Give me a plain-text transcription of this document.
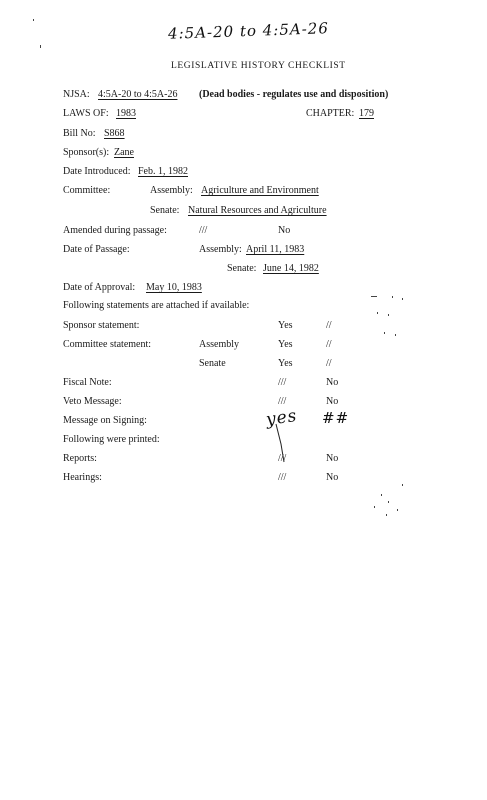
4:5A-20 to 4:5A-26
LEGISLATIVE HISTORY CHECKLIST
NJSA: 4:5A-20 to 4:5A-26 (Dead bodies - regulates use and disposition)
LAWS OF: 1983	CHAPTER: 179
Bill No: S868
Sponsor(s): Zane
Date Introduced: Feb. 1, 1982
Committee:	Assembly: Agriculture and Environment
Senate: Natural Resources and Agriculture
Amended during passage:	///	No
Date of Passage:	Assembly: April 11, 1983
Senate: June 14, 1982
Date of Approval: May 10, 1983
Following statements are attached if available:
Sponsor statement:	Yes	//
Committee statement:	Assembly	Yes	//
Senate	Yes	//
Fiscal Note:	///	No
Veto Message:	///	No
Message on Signing:	yes ##
Following were printed:
Reports:	///	No
Hearings:	///	No
